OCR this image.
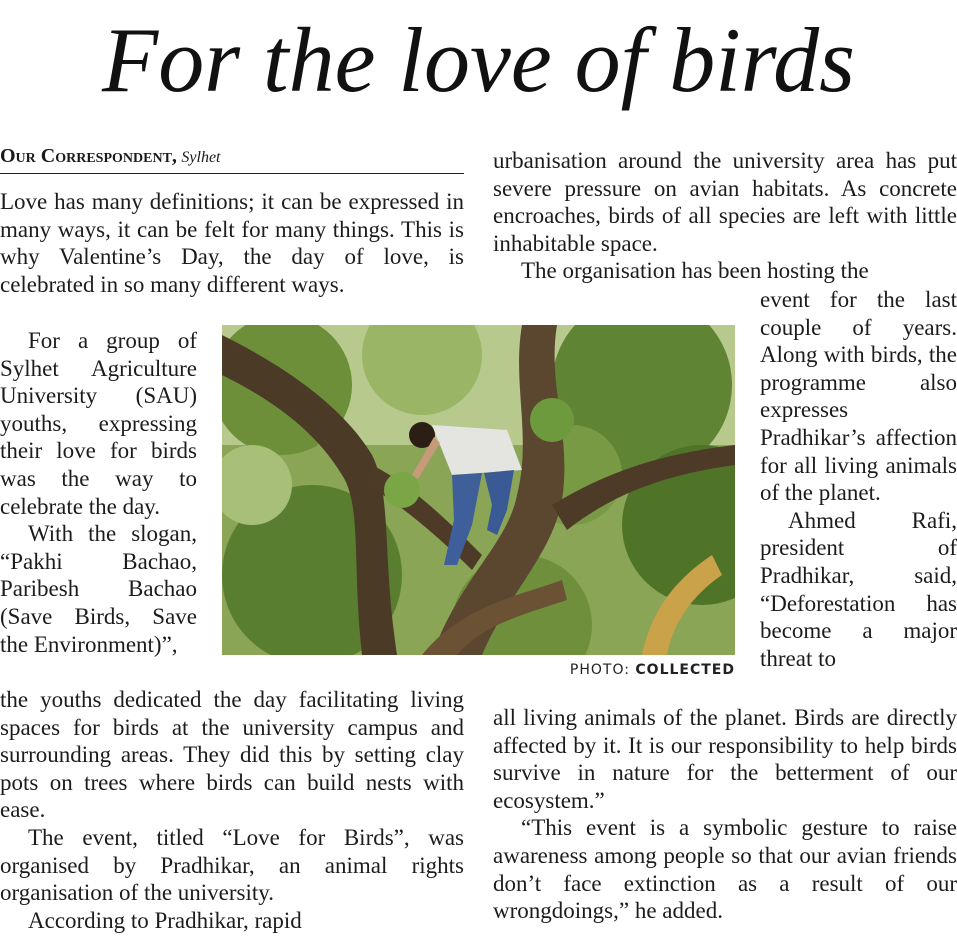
For the love of birds
Our Correspondent, Sylhet

Love has many definitions; it can be expressed in many ways, it can be felt for many things. This is why Valentine’s Day, the day of love, is celebrated in so many different ways.

For a group of Sylhet Agriculture University (SAU) youths, expressing their love for birds was the way to celebrate the day.

With the slogan, “Pakhi Bachao, Paribesh Bachao (Save Birds, Save the Environment)”,

the youths dedicated the day facilitating living spaces for birds at the university campus and surrounding areas. They did this by setting clay pots on trees where birds can build nests with ease.

The event, titled “Love for Birds”, was organised by Pradhikar, an animal rights organisation of the university.

According to Pradhikar, rapid

urbanisation around the university area has put severe pressure on avian habitats. As concrete encroaches, birds of all species are left with little inhabitable space.

The organisation has been hosting the

event for the last couple of years. Along with birds, the programme also expresses Pradhikar’s affection for all living animals of the planet.

Ahmed Rafi, president of Pradhikar, said, “Deforestation has become a major threat to

all living animals of the planet. Birds are directly affected by it. It is our responsibility to help birds survive in nature for the betterment of our ecosystem.”

“This event is a symbolic gesture to raise awareness among people so that our avian friends don’t face extinction as a result of our wrongdoings,” he added.

PHOTO: COLLECTED
